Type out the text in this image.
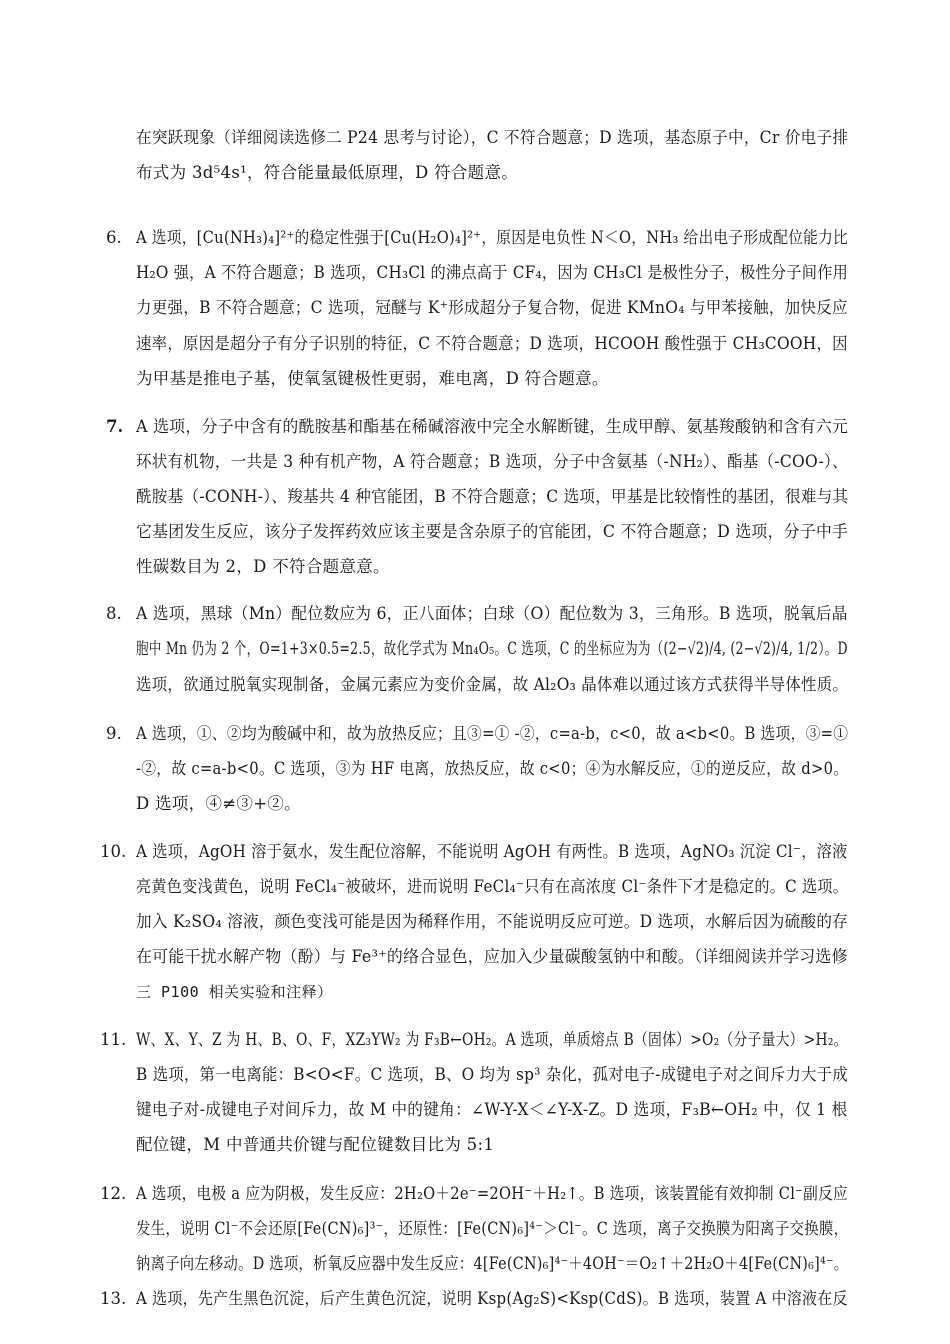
在突跃现象（详细阅读选修二 P24 思考与讨论），C 不符合题意；D 选项，基态原子中，Cr 价电子排
布式为 3d⁵4s¹，符合能量最低原理，D 符合题意。
6. A 选项，[Cu(NH₃)₄]²⁺的稳定性强于[Cu(H₂O)₄]²⁺，原因是电负性 N＜O，NH₃ 给出电子形成配位能力比
H₂O 强，A 不符合题意；B 选项，CH₃Cl 的沸点高于 CF₄，因为 CH₃Cl 是极性分子，极性分子间作用
力更强，B 不符合题意；C 选项，冠醚与 K⁺形成超分子复合物，促进 KMnO₄ 与甲苯接触，加快反应
速率，原因是超分子有分子识别的特征，C 不符合题意；D 选项，HCOOH 酸性强于 CH₃COOH，因
为甲基是推电子基，使氧氢键极性更弱，难电离，D 符合题意。
7. A 选项，分子中含有的酰胺基和酯基在稀碱溶液中完全水解断键，生成甲醇、氨基羧酸钠和含有六元
环状有机物，一共是 3 种有机产物，A 符合题意；B 选项，分子中含氨基（-NH₂）、酯基（-COO-）、
酰胺基（-CONH-）、羧基共 4 种官能团，B 不符合题意；C 选项，甲基是比较惰性的基团，很难与其
它基团发生反应，该分子发挥药效应该主要是含杂原子的官能团，C 不符合题意；D 选项，分子中手
性碳数目为 2，D 不符合题意意。
8. A 选项，黑球（Mn）配位数应为 6，正八面体；白球（O）配位数为 3，三角形。B 选项，脱氧后晶
胞中 Mn 仍为 2 个，O=1+3×0.5=2.5，故化学式为 Mn₄O₅。C 选项，C 的坐标应为为（(2−√2)/4, (2−√2)/4, 1/2）。D
选项，欲通过脱氧实现制备，金属元素应为变价金属，故 Al₂O₃ 晶体难以通过该方式获得半导体性质。
9. A 选项，①、②均为酸碱中和，故为放热反应；且③=① -②，c=a-b，c<0，故 a<b<0。B 选项，③=①
-②，故 c=a-b<0。C 选项，③为 HF 电离，放热反应，故 c<0；④为水解反应，①的逆反应，故 d>0。
D 选项，④≠③+②。
10. A 选项，AgOH 溶于氨水，发生配位溶解，不能说明 AgOH 有两性。B 选项，AgNO₃ 沉淀 Cl⁻，溶液
亮黄色变浅黄色，说明 FeCl₄⁻被破坏，进而说明 FeCl₄⁻只有在高浓度 Cl⁻条件下才是稳定的。C 选项。
加入 K₂SO₄ 溶液，颜色变浅可能是因为稀释作用，不能说明反应可逆。D 选项，水解后因为硫酸的存
在可能干扰水解产物（酚）与 Fe³⁺的络合显色，应加入少量碳酸氢钠中和酸。（详细阅读并学习选修
三 P100 相关实验和注释）
11. W、X、Y、Z 为 H、B、O、F，XZ₃YW₂ 为 F₃B←OH₂。A 选项，单质熔点 B（固体）>O₂（分子量大）>H₂。
B 选项，第一电离能：B<O<F。C 选项，B、O 均为 sp³ 杂化，孤对电子-成键电子对之间斥力大于成
键电子对-成键电子对间斥力，故 M 中的键角：∠W-Y-X＜∠Y-X-Z。D 选项，F₃B←OH₂ 中，仅 1 根
配位键，M 中普通共价键与配位键数目比为 5:1
12. A 选项，电极 a 应为阴极，发生反应：2H₂O＋2e⁻=2OH⁻＋H₂↑。B 选项，该装置能有效抑制 Cl⁻副反应
发生，说明 Cl⁻不会还原[Fe(CN)₆]³⁻，还原性：[Fe(CN)₆]⁴⁻＞Cl⁻。C 选项，离子交换膜为阳离子交换膜，
钠离子向左移动。D 选项，析氧反应器中发生反应：4[Fe(CN)₆]⁴⁻＋4OH⁻＝O₂↑＋2H₂O＋4[Fe(CN)₆]⁴⁻。
13. A 选项，先产生黑色沉淀，后产生黄色沉淀，说明 Ksp(Ag₂S)<Ksp(CdS)。B 选项，装置 A 中溶液在反
